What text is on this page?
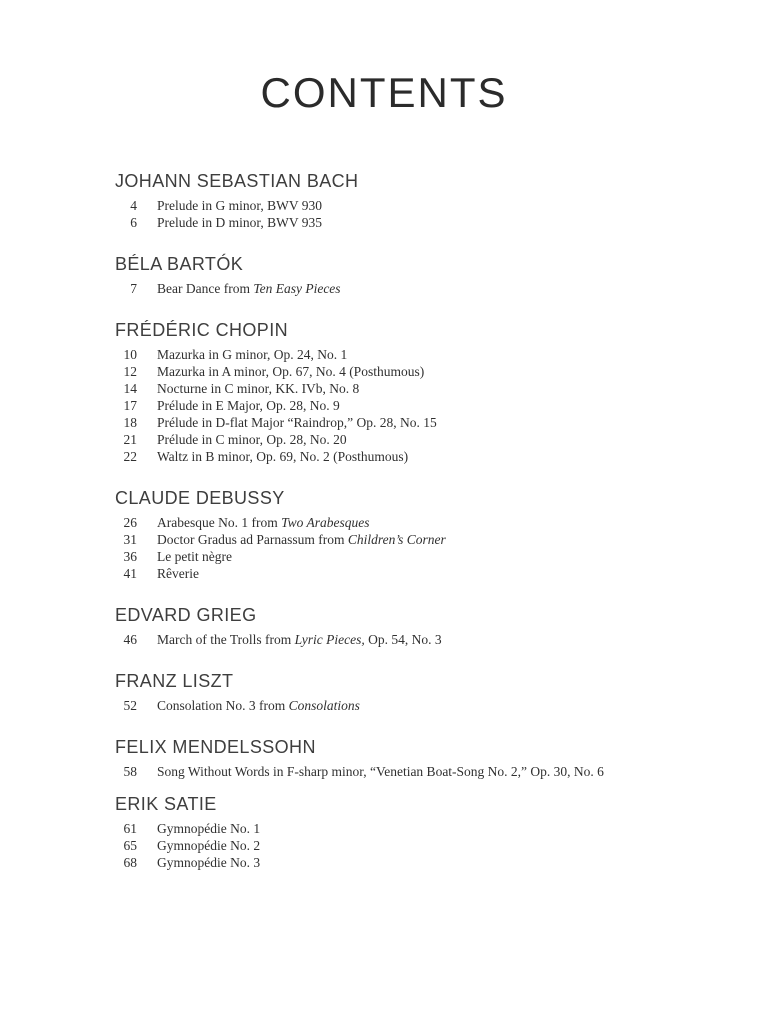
CONTENTS
JOHANN SEBASTIAN BACH
4 Prelude in G minor, BWV 930
6 Prelude in D minor, BWV 935
BÉLA BARTÓK
7 Bear Dance from Ten Easy Pieces
FRÉDÉRIC CHOPIN
10 Mazurka in G minor, Op. 24, No. 1
12 Mazurka in A minor, Op. 67, No. 4 (Posthumous)
14 Nocturne in C minor, KK. IVb, No. 8
17 Prélude in E Major, Op. 28, No. 9
18 Prélude in D-flat Major “Raindrop,” Op. 28, No. 15
21 Prélude in C minor, Op. 28, No. 20
22 Waltz in B minor, Op. 69, No. 2 (Posthumous)
CLAUDE DEBUSSY
26 Arabesque No. 1 from Two Arabesques
31 Doctor Gradus ad Parnassum from Children’s Corner
36 Le petit nègre
41 Rêverie
EDVARD GRIEG
46 March of the Trolls from Lyric Pieces, Op. 54, No. 3
FRANZ LISZT
52 Consolation No. 3 from Consolations
FELIX MENDELSSOHN
58 Song Without Words in F-sharp minor, “Venetian Boat-Song No. 2,” Op. 30, No. 6
ERIK SATIE
61 Gymnopédie No. 1
65 Gymnopédie No. 2
68 Gymnopédie No. 3
